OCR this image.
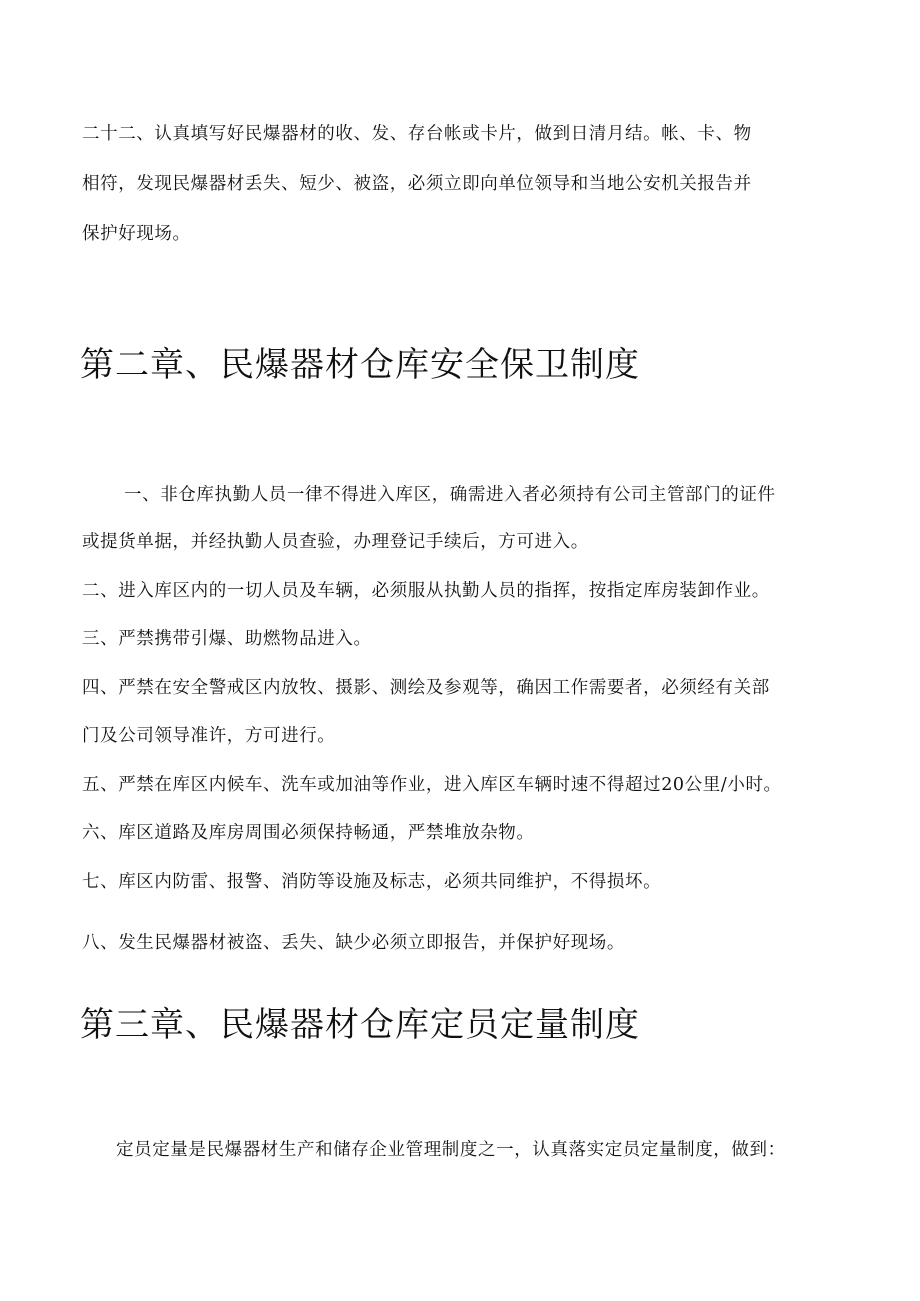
二十二、认真填写好民爆器材的收、发、存台帐或卡片，做到日清月结。帐、卡、物

相符，发现民爆器材丢失、短少、被盗，必须立即向单位领导和当地公安机关报告并

保护好现场。

第二章、民爆器材仓库安全保卫制度

一、非仓库执勤人员一律不得进入库区，确需进入者必须持有公司主管部门的证件

或提货单据，并经执勤人员查验，办理登记手续后，方可进入。

二、进入库区内的一切人员及车辆，必须服从执勤人员的指挥，按指定库房装卸作业。

三、严禁携带引爆、助燃物品进入。

四、严禁在安全警戒区内放牧、摄影、测绘及参观等，确因工作需要者，必须经有关部

门及公司领导准许，方可进行。

五、严禁在库区内候车、洗车或加油等作业，进入库区车辆时速不得超过20公里/小时。

六、库区道路及库房周围必须保持畅通，严禁堆放杂物。

七、库区内防雷、报警、消防等设施及标志，必须共同维护，不得损坏。

八、发生民爆器材被盗、丢失、缺少必须立即报告，并保护好现场。

第三章、民爆器材仓库定员定量制度

定员定量是民爆器材生产和储存企业管理制度之一，认真落实定员定量制度，做到：
